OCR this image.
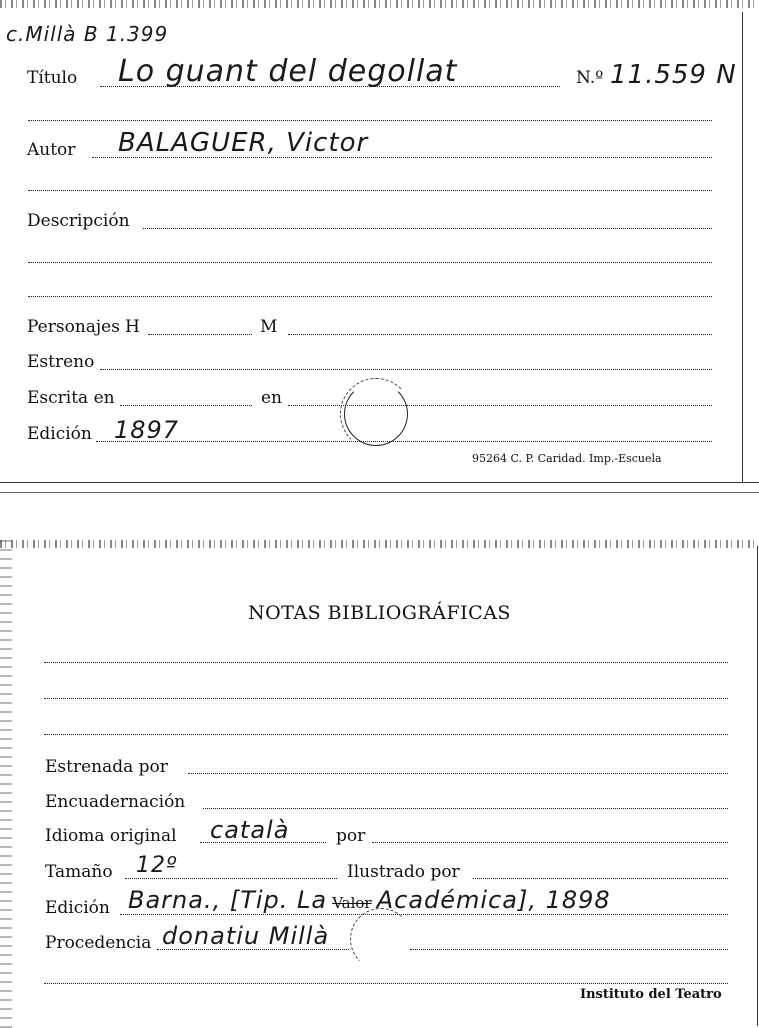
c.Millà B 1.399
Título Lo guant del degollat	N.º 11.559 N
Autor BALAGUER, Victor
Descripción
Personajes H	M
Estreno
Escrita en	en
Edición 1897
95264 C. P. Caridad. Imp.-Escuela
NOTAS BIBLIOGRÁFICAS
Estrenada por
Encuadernación
Idioma original català	por
Tamaño 12º	Ilustrado por
Edición Barna., [Tip. La Valor Académica], 1898
Procedencia donatiu Millà
Instituto del Teatro
